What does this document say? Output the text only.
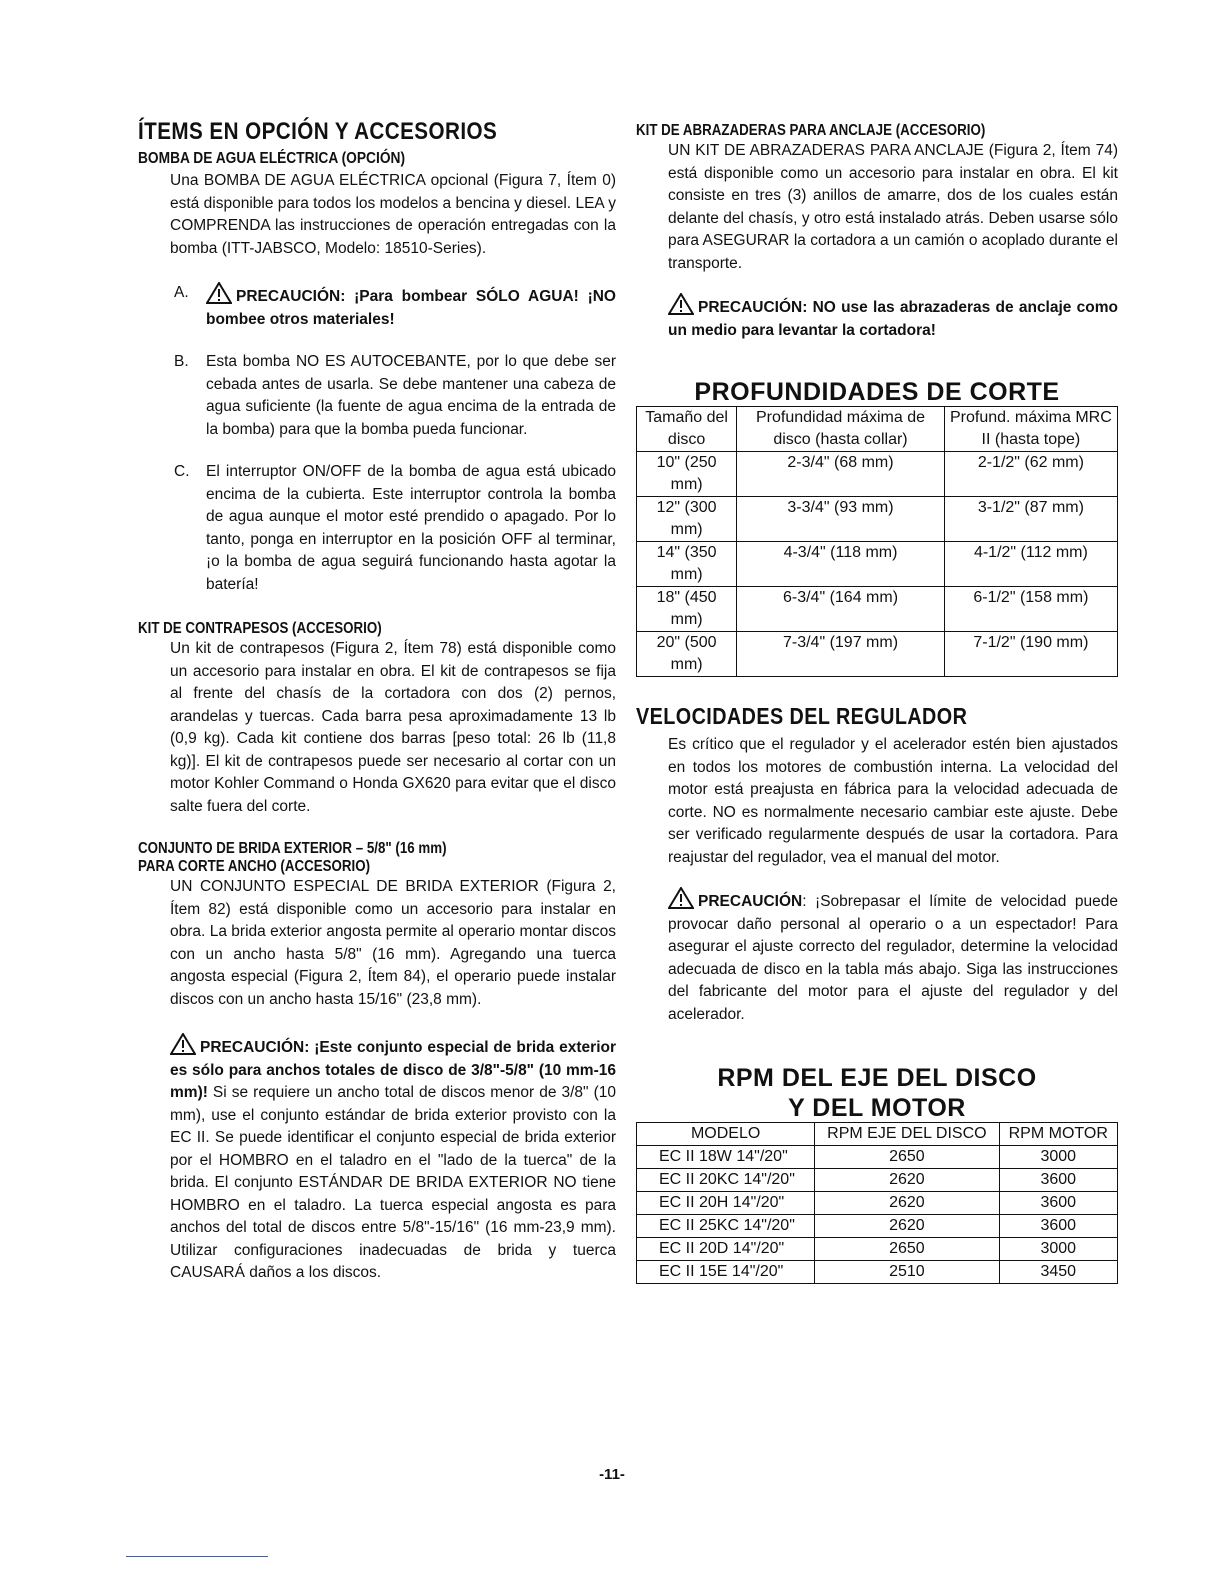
ÍTEMS EN OPCIÓN Y ACCESORIOS
BOMBA DE AGUA ELÉCTRICA (OPCIÓN)

Una BOMBA DE AGUA ELÉCTRICA opcional (Figura 7, Ítem 0) está disponible para todos los modelos a bencina y diesel. LEA y COMPRENDA las instrucciones de operación entregadas con la bomba (ITT-JABSCO, Modelo: 18510-Series).

A.	PRECAUCIÓN: ¡Para bombear SÓLO AGUA! ¡NO bombee otros materiales!
B.	Esta bomba NO ES AUTOCEBANTE, por lo que debe ser cebada antes de usarla. Se debe mantener una cabeza de agua suficiente (la fuente de agua encima de la entrada de la bomba) para que la bomba pueda funcionar.
C.	El interruptor ON/OFF de la bomba de agua está ubicado encima de la cubierta. Este interruptor controla la bomba de agua aunque el motor esté prendido o apagado. Por lo tanto, ponga en interruptor en la posición OFF al terminar, ¡o la bomba de agua seguirá funcionando hasta agotar la batería!
KIT DE CONTRAPESOS (ACCESORIO)

Un kit de contrapesos (Figura 2, Ítem 78) está disponible como un accesorio para instalar en obra. El kit de contrapesos se fija al frente del chasís de la cortadora con dos (2) pernos, arandelas y tuercas. Cada barra pesa aproximadamente 13 lb (0,9 kg). Cada kit contiene dos barras [peso total: 26 lb (11,8 kg)]. El kit de contrapesos puede ser necesario al cortar con un motor Kohler Command o Honda GX620 para evitar que el disco salte fuera del corte.

CONJUNTO DE BRIDA EXTERIOR – 5/8" (16 mm)
PARA CORTE ANCHO (ACCESORIO)

UN CONJUNTO ESPECIAL DE BRIDA EXTERIOR (Figura 2, Ítem 82) está disponible como un accesorio para instalar en obra. La brida exterior angosta permite al operario montar discos con un ancho hasta 5/8" (16 mm). Agregando una tuerca angosta especial (Figura 2, Ítem 84), el operario puede instalar discos con un ancho hasta 15/16" (23,8 mm).

PRECAUCIÓN: ¡Este conjunto especial de brida exterior es sólo para anchos totales de disco de 3/8"-5/8" (10 mm-16 mm)! Si se requiere un ancho total de discos menor de 3/8" (10 mm), use el conjunto estándar de brida exterior provisto con la EC II. Se puede identificar el conjunto especial de brida exterior por el HOMBRO en el taladro en el "lado de la tuerca" de la brida. El conjunto ESTÁNDAR DE BRIDA EXTERIOR NO tiene HOMBRO en el taladro. La tuerca especial angosta es para anchos del total de discos entre 5/8"-15/16" (16 mm-23,9 mm). Utilizar configuraciones inadecuadas de brida y tuerca CAUSARÁ daños a los discos.

KIT DE ABRAZADERAS PARA ANCLAJE (ACCESORIO)

UN KIT DE ABRAZADERAS PARA ANCLAJE (Figura 2, Ítem 74) está disponible como un accesorio para instalar en obra. El kit consiste en tres (3) anillos de amarre, dos de los cuales están delante del chasís, y otro está instalado atrás. Deben usarse sólo para ASEGURAR la cortadora a un camión o acoplado durante el transporte.

PRECAUCIÓN: NO use las abrazaderas de anclaje como un medio para levantar la cortadora!

PROFUNDIDADES DE CORTE
Tamaño del disco	Profundidad máxima de disco (hasta collar)	Profund. máxima MRC II (hasta tope)
10" (250 mm)	2-3/4" (68 mm)	2-1/2" (62 mm)
12" (300 mm)	3-3/4" (93 mm)	3-1/2" (87 mm)
14" (350 mm)	4-3/4" (118 mm)	4-1/2" (112 mm)
18" (450 mm)	6-3/4" (164 mm)	6-1/2" (158 mm)
20" (500 mm)	7-3/4" (197 mm)	7-1/2" (190 mm)
VELOCIDADES DEL REGULADOR

Es crítico que el regulador y el acelerador estén bien ajustados en todos los motores de combustión interna. La velocidad del motor está preajusta en fábrica para la velocidad adecuada de corte. NO es normalmente necesario cambiar este ajuste. Debe ser verificado regularmente después de usar la cortadora. Para reajustar del regulador, vea el manual del motor.

PRECAUCIÓN: ¡Sobrepasar el límite de velocidad puede provocar daño personal al operario o a un espectador! Para asegurar el ajuste correcto del regulador, determine la velocidad adecuada de disco en la tabla más abajo. Siga las instrucciones del fabricante del motor para el ajuste del regulador y del acelerador.

RPM DEL EJE DEL DISCO
Y DEL MOTOR
MODELO	RPM EJE DEL DISCO	RPM MOTOR
EC II 18W 14"/20"	2650	3000
EC II 20KC 14"/20"	2620	3600
EC II 20H 14"/20"	2620	3600
EC II 25KC 14"/20"	2620	3600
EC II 20D 14"/20"	2650	3000
EC II 15E 14"/20"	2510	3450
-11-
